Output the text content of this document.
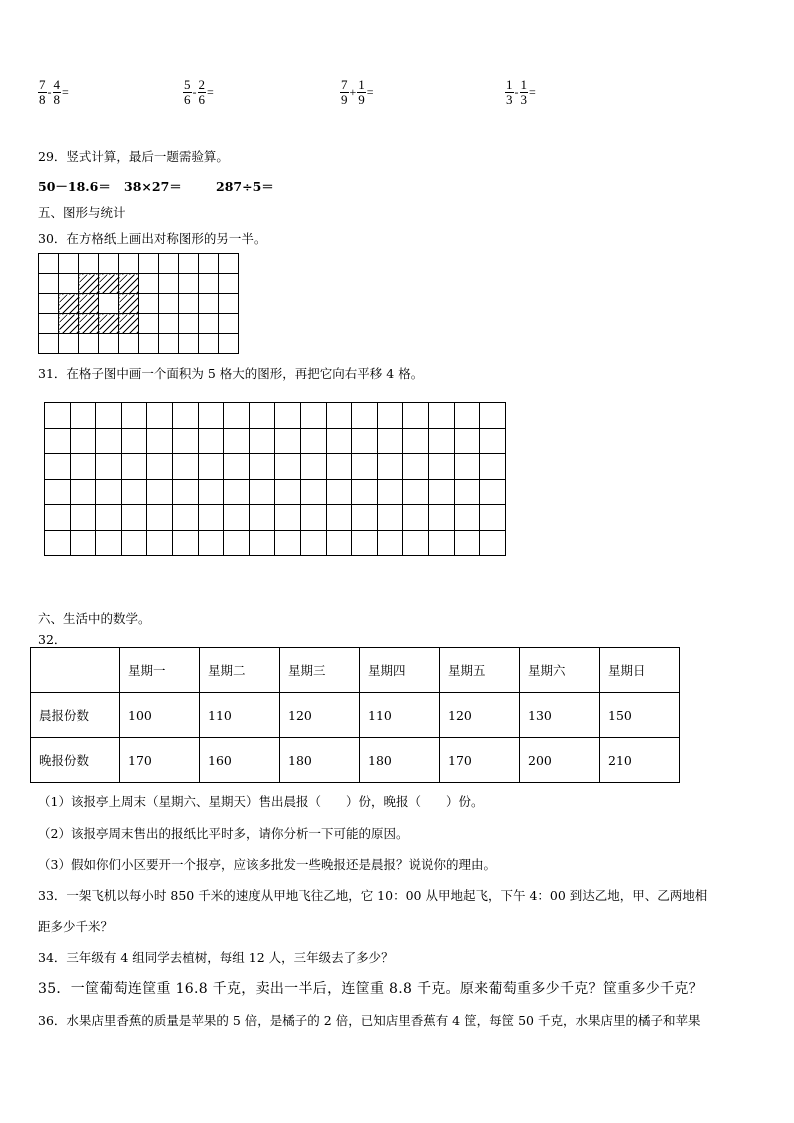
$\frac{7}{8} - \frac{4}{8}$ =	$\frac{5}{6} - \frac{2}{6}$ =	$\frac{7}{9} + \frac{1}{9}$ =	$\frac{1}{3} - \frac{1}{3}$ =
29．竖式计算，最后一题需验算。
50－18.6＝ 38×27＝	287÷5＝
五、图形与统计
30．在方格纸上画出对称图形的另一半。

31．在格子图中画一个面积为 5 格大的图形，再把它向右平移 4 格。

六、生活中的数学。
32．
	星期一	星期二	星期三	星期四	星期五	星期六	星期日
晨报份数	100	110	120	110	120	130	150
晚报份数	170	160	180	180	170	200	210
（1）该报亭上周末（星期六、星期天）售出晨报（　　）份，晚报（　　）份。
（2）该报亭周末售出的报纸比平时多，请你分析一下可能的原因。
（3）假如你们小区要开一个报亭，应该多批发一些晚报还是晨报？说说你的理由。
33．一架飞机以每小时 850 千米的速度从甲地飞往乙地，它 10：00 从甲地起飞，下午 4：00 到达乙地，甲、乙两地相
距多少千米？
34．三年级有 4 组同学去植树，每组 12 人，三年级去了多少？
35．一筐葡萄连筐重 16.8 千克，卖出一半后，连筐重 8.8 千克。原来葡萄重多少千克？筐重多少千克？
36．水果店里香蕉的质量是苹果的 5 倍，是橘子的 2 倍，已知店里香蕉有 4 筐，每筐 50 千克，水果店里的橘子和苹果
